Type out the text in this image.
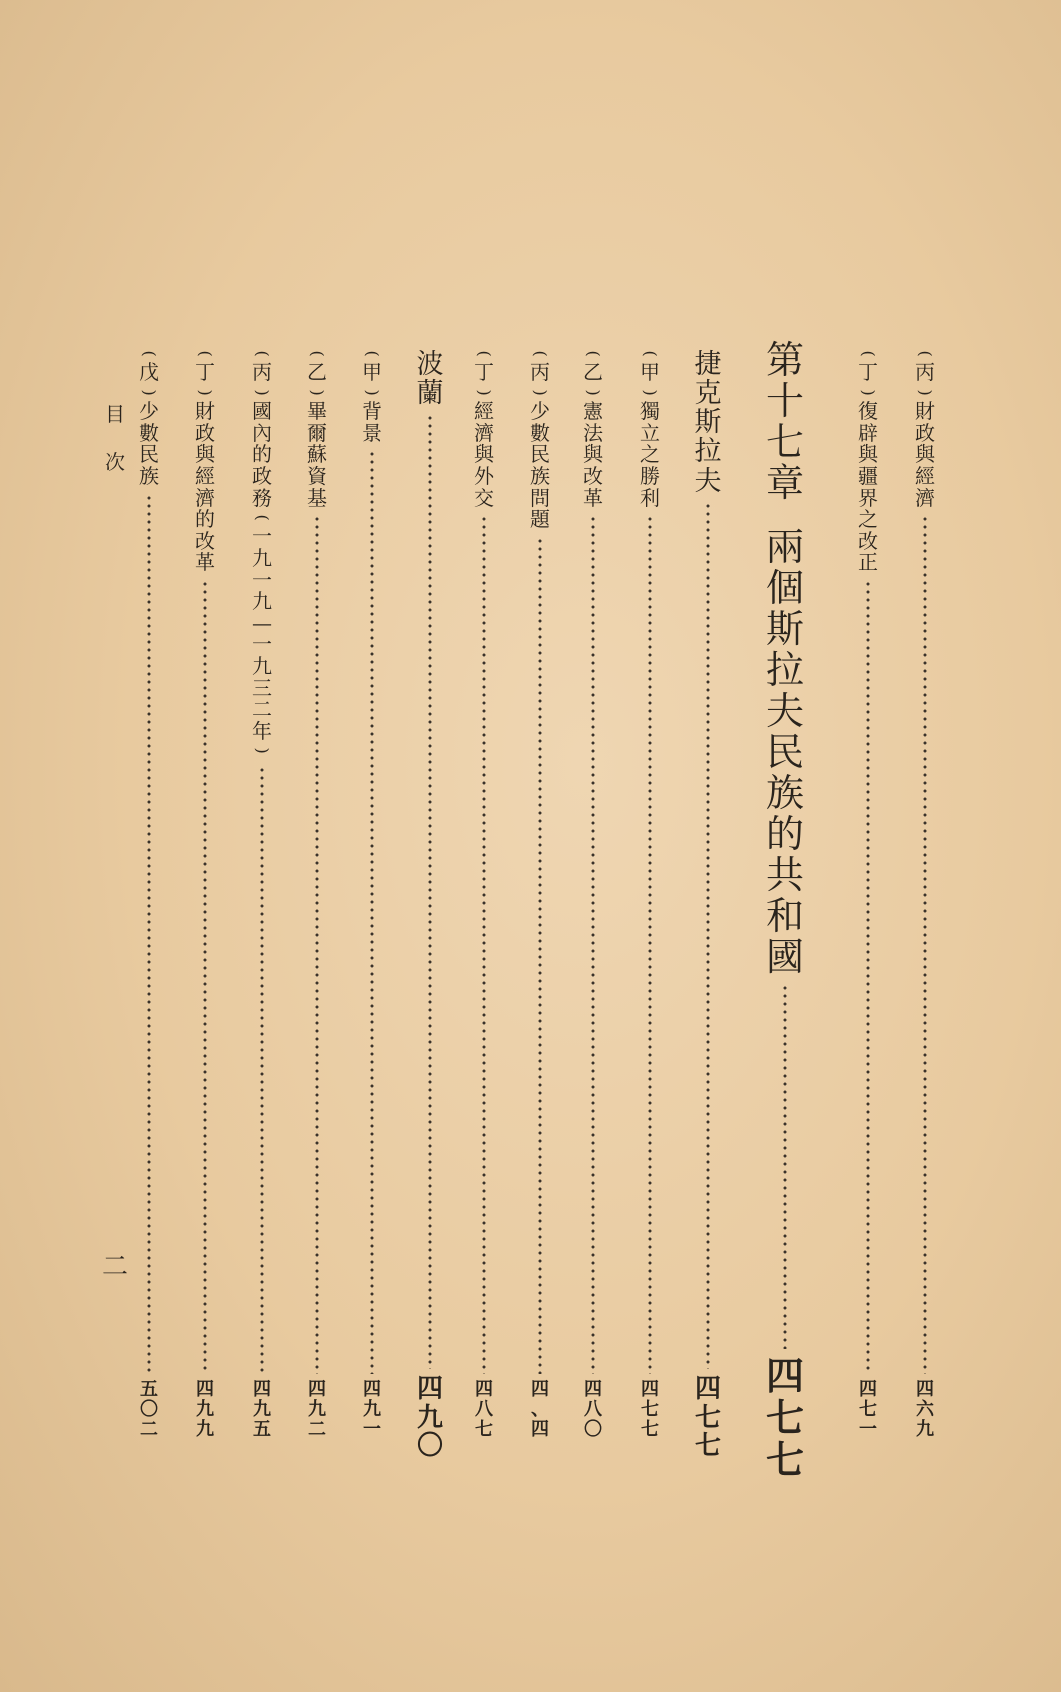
(
丙
)
財
政
與
經
濟
四
六
九
(
丁
)
復
辟
與
疆
界
之
改
正
四
七
一
第
十
七
章

兩
個
斯
拉
夫
民
族
的
共
和
國
四
七
七
捷
克
斯
拉
夫
四
七
七
(
甲
)
獨
立
之
勝
利
四
七
七
(
乙
)
憲
法
與
改
革
四
八
〇
(
丙
)
少
數
民
族
問
題
四
、
四
(
丁
)
經
濟
與
外
交
四
八
七
波
蘭
四
九
〇
(
甲
)
背
景
四
九
一
(
乙
)
畢
爾
蘇
資
基
四
九
二
(
丙
)
國
內
的
政
務
(
一
九
一
九
—
一
九
三
二
年
)
四
九
五
(
丁
)
財
政
與
經
濟
的
改
革
四
九
九
(
戊
)
少
數
民
族
五
〇
二
目
次
二
